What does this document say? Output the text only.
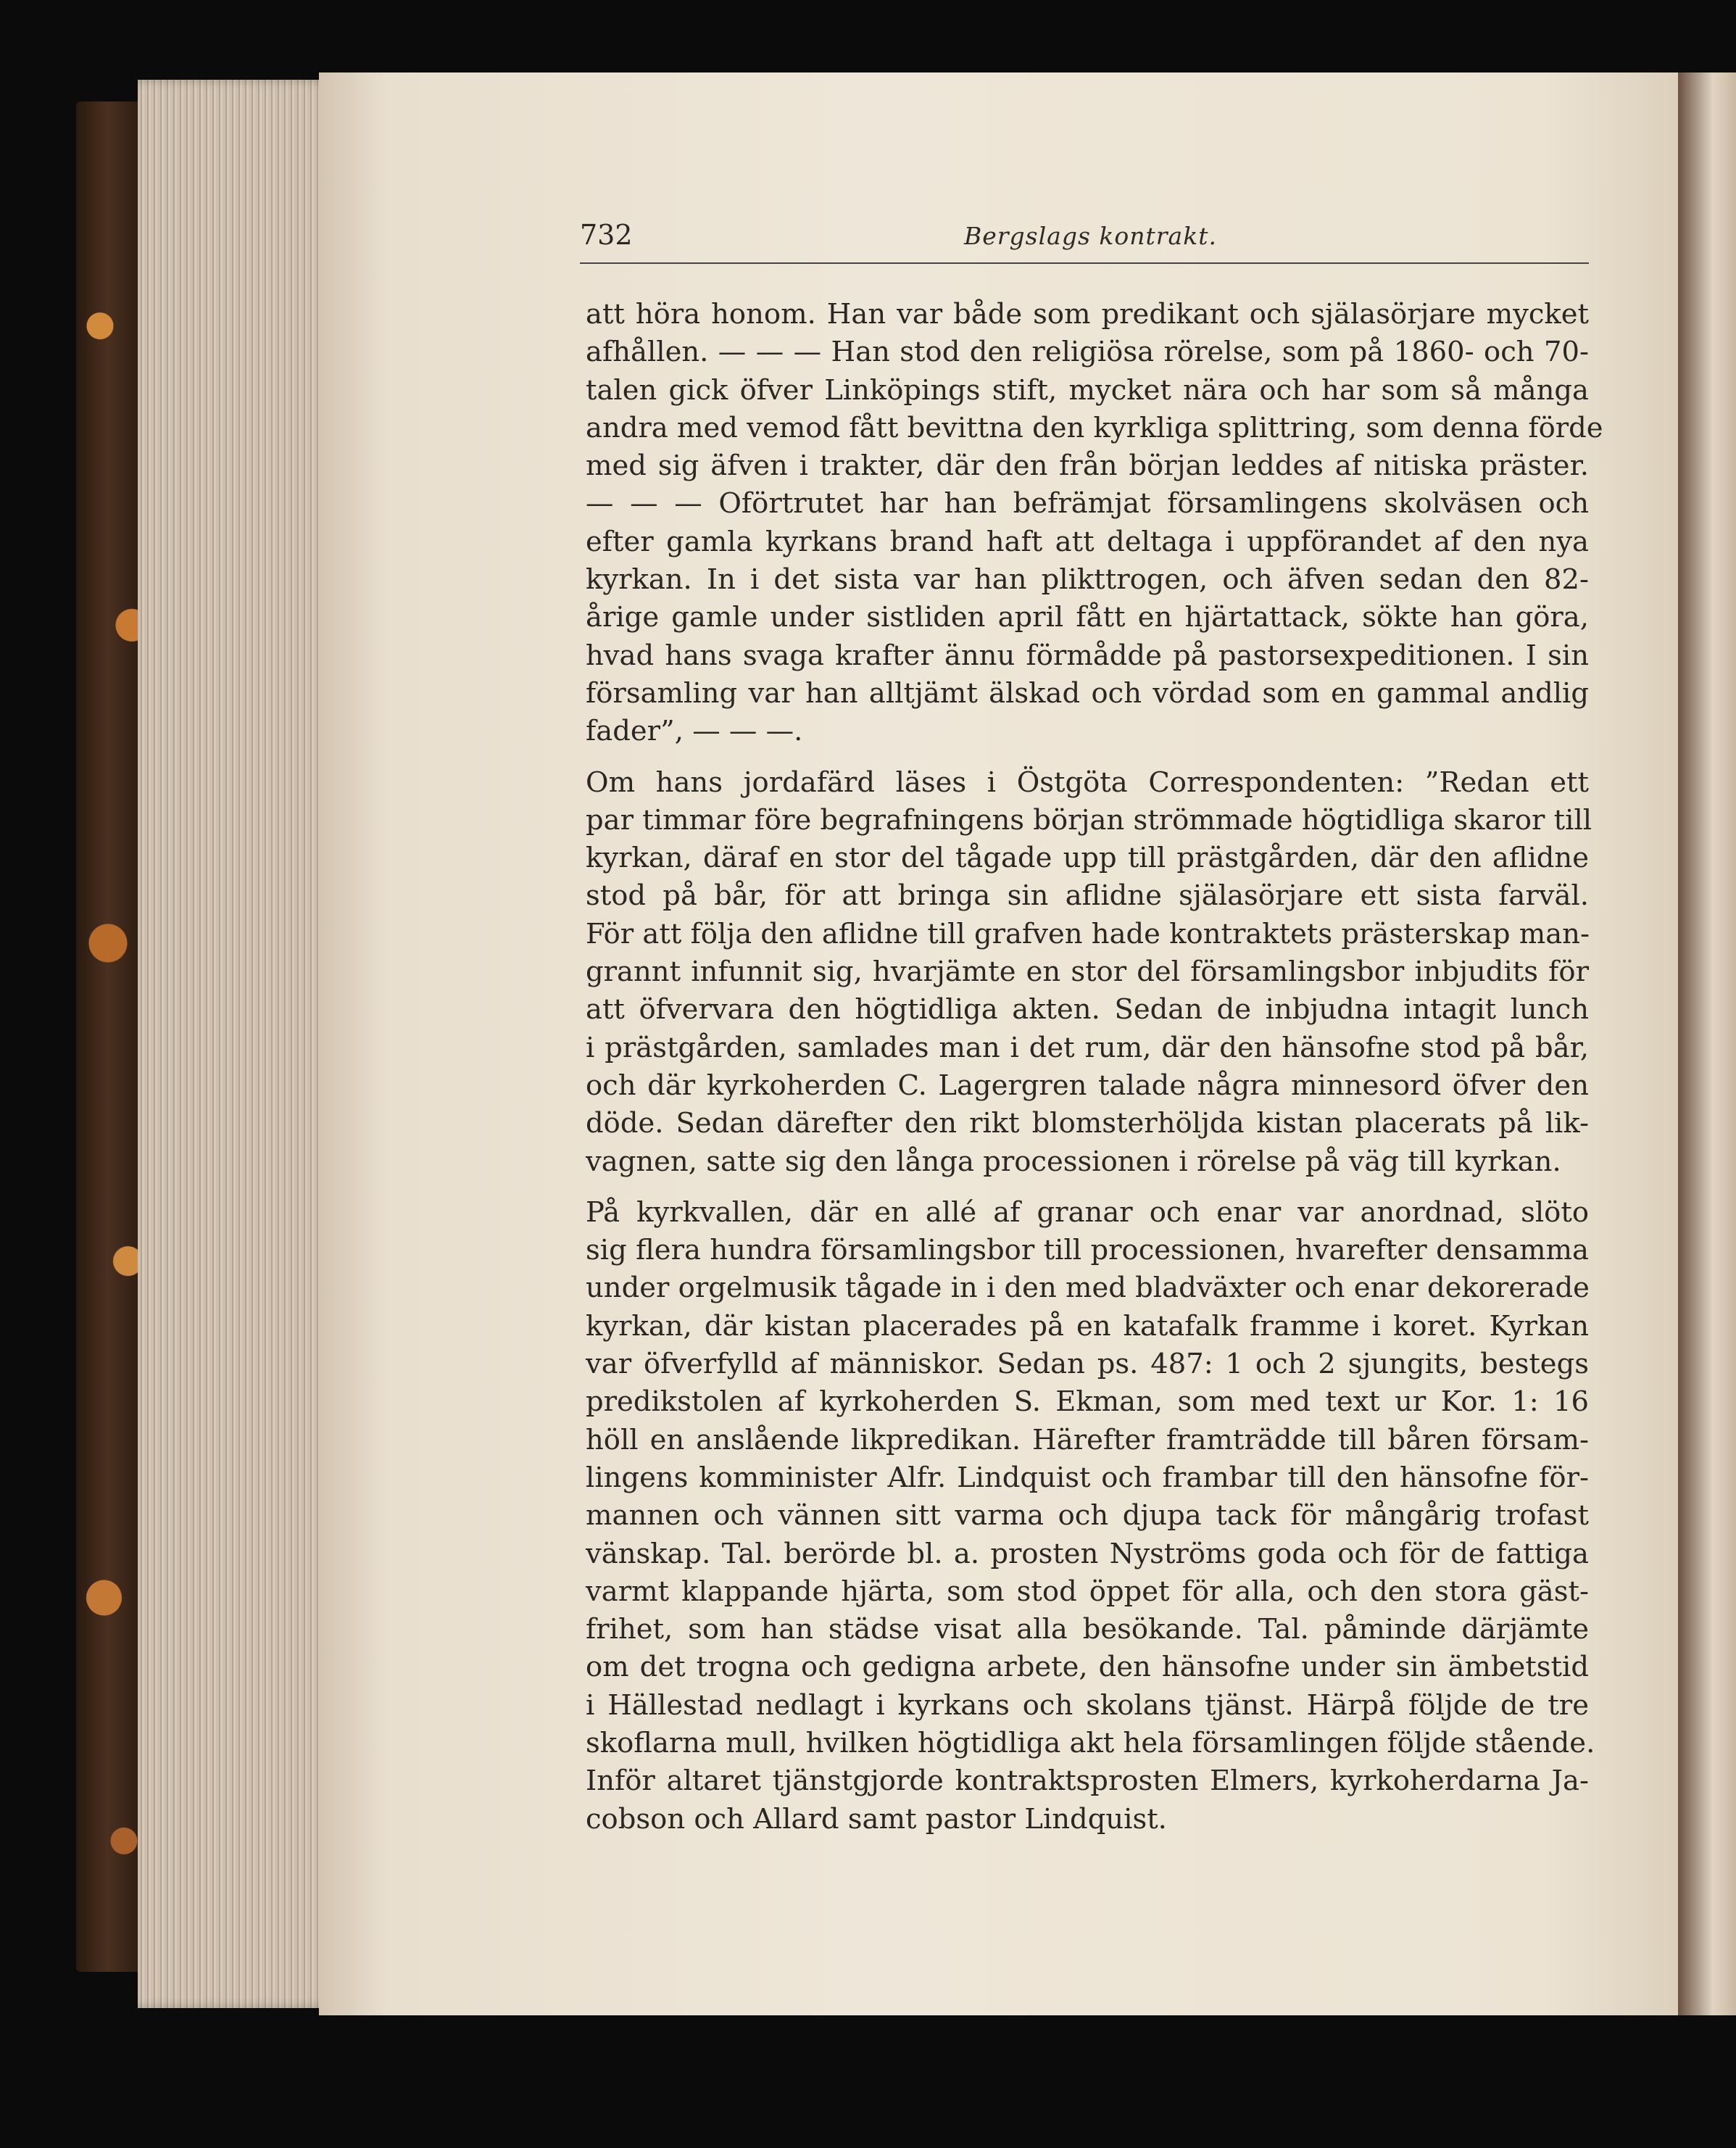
732	Bergslags kontrakt.
att höra honom. Han var både som predikant och själasörjare mycket
afhållen. — — — Han stod den religiösa rörelse, som på 1860- och 70-
talen gick öfver Linköpings stift, mycket nära och har som så många
andra med vemod fått bevittna den kyrkliga splittring, som denna förde
med sig äfven i trakter, där den från början leddes af nitiska präster.
— — — Oförtrutet har han befrämjat församlingens skolväsen och
efter gamla kyrkans brand haft att deltaga i uppförandet af den nya
kyrkan. In i det sista var han plikttrogen, och äfven sedan den 82-
årige gamle under sistliden april fått en hjärtattack, sökte han göra,
hvad hans svaga krafter ännu förmådde på pastorsexpeditionen. I sin
församling var han alltjämt älskad och vördad som en gammal andlig
fader”, — — —.
Om hans jordafärd läses i Östgöta Correspondenten: ”Redan ett
par timmar före begrafningens början strömmade högtidliga skaror till
kyrkan, däraf en stor del tågade upp till prästgården, där den aflidne
stod på bår, för att bringa sin aflidne själasörjare ett sista farväl.
För att följa den aflidne till grafven hade kontraktets prästerskap man-
grannt infunnit sig, hvarjämte en stor del församlingsbor inbjudits för
att öfvervara den högtidliga akten. Sedan de inbjudna intagit lunch
i prästgården, samlades man i det rum, där den hänsofne stod på bår,
och där kyrkoherden C. Lagergren talade några minnesord öfver den
döde. Sedan därefter den rikt blomsterhöljda kistan placerats på lik-
vagnen, satte sig den långa processionen i rörelse på väg till kyrkan.
På kyrkvallen, där en allé af granar och enar var anordnad, slöto
sig flera hundra församlingsbor till processionen, hvarefter densamma
under orgelmusik tågade in i den med bladväxter och enar dekorerade
kyrkan, där kistan placerades på en katafalk framme i koret. Kyrkan
var öfverfylld af människor. Sedan ps. 487: 1 och 2 sjungits, bestegs
predikstolen af kyrkoherden S. Ekman, som med text ur Kor. 1: 16
höll en anslående likpredikan. Härefter framträdde till båren försam-
lingens komminister Alfr. Lindquist och frambar till den hänsofne för-
mannen och vännen sitt varma och djupa tack för mångårig trofast
vänskap. Tal. berörde bl. a. prosten Nyströms goda och för de fattiga
varmt klappande hjärta, som stod öppet för alla, och den stora gäst-
frihet, som han städse visat alla besökande. Tal. påminde därjämte
om det trogna och gedigna arbete, den hänsofne under sin ämbetstid
i Hällestad nedlagt i kyrkans och skolans tjänst. Härpå följde de tre
skoflarna mull, hvilken högtidliga akt hela församlingen följde stående.
Inför altaret tjänstgjorde kontraktsprosten Elmers, kyrkoherdarna Ja-
cobson och Allard samt pastor Lindquist.
